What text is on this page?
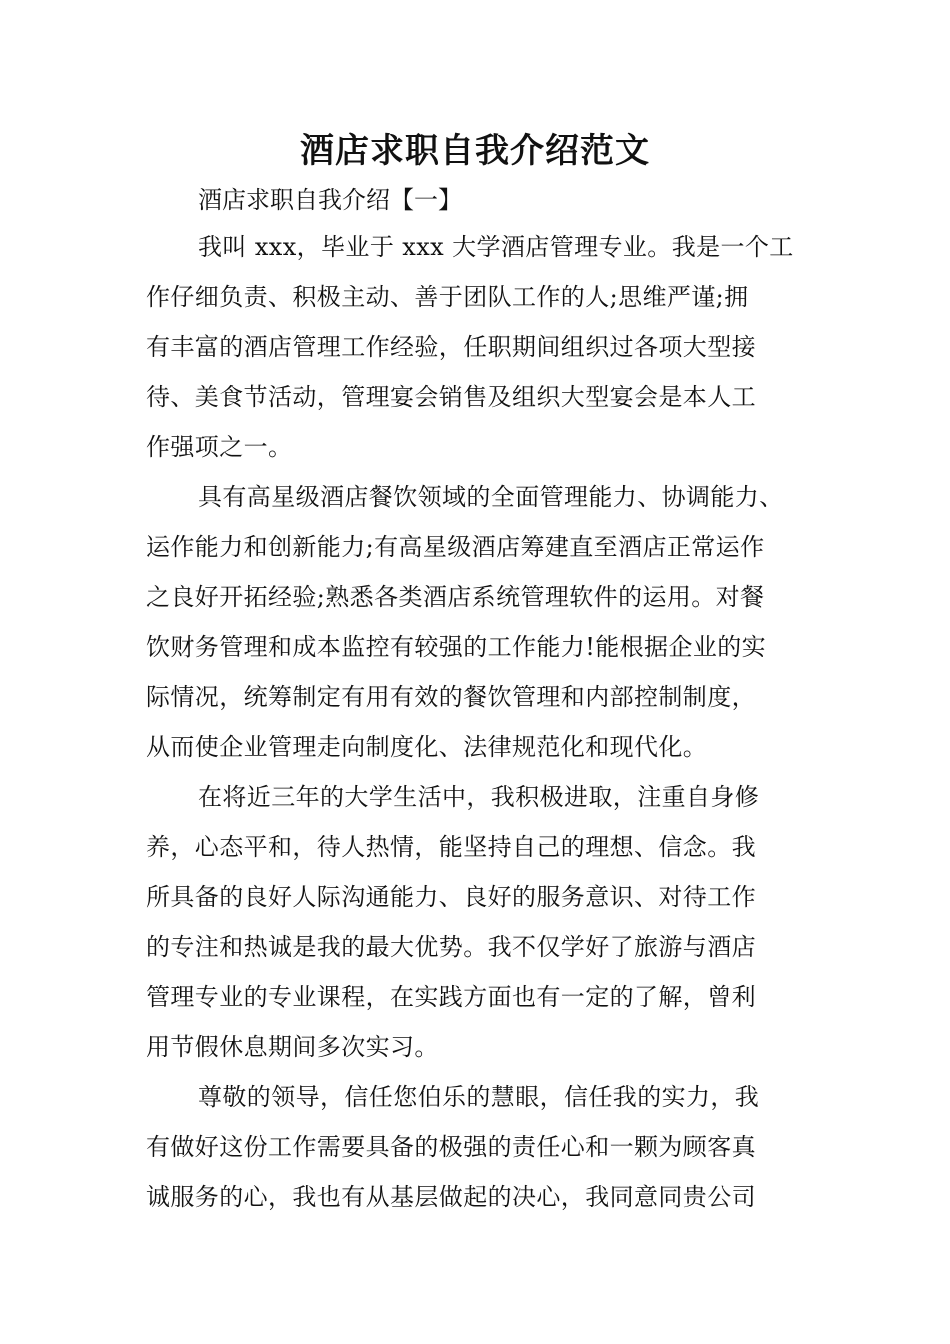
酒店求职自我介绍范文
酒店求职自我介绍【一】
我叫 xxx，毕业于 xxx 大学酒店管理专业。我是一个工
作仔细负责、积极主动、善于团队工作的人;思维严谨;拥
有丰富的酒店管理工作经验，任职期间组织过各项大型接
待、美食节活动，管理宴会销售及组织大型宴会是本人工
作强项之一。
具有高星级酒店餐饮领域的全面管理能力、协调能力、
运作能力和创新能力;有高星级酒店筹建直至酒店正常运作
之良好开拓经验;熟悉各类酒店系统管理软件的运用。对餐
饮财务管理和成本监控有较强的工作能力!能根据企业的实
际情况，统筹制定有用有效的餐饮管理和内部控制制度，
从而使企业管理走向制度化、法律规范化和现代化。
在将近三年的大学生活中，我积极进取，注重自身修
养，心态平和，待人热情，能坚持自己的理想、信念。我
所具备的良好人际沟通能力、良好的服务意识、对待工作
的专注和热诚是我的最大优势。我不仅学好了旅游与酒店
管理专业的专业课程，在实践方面也有一定的了解，曾利
用节假休息期间多次实习。
尊敬的领导，信任您伯乐的慧眼，信任我的实力，我
有做好这份工作需要具备的极强的责任心和一颗为顾客真
诚服务的心，我也有从基层做起的决心，我同意同贵公司
